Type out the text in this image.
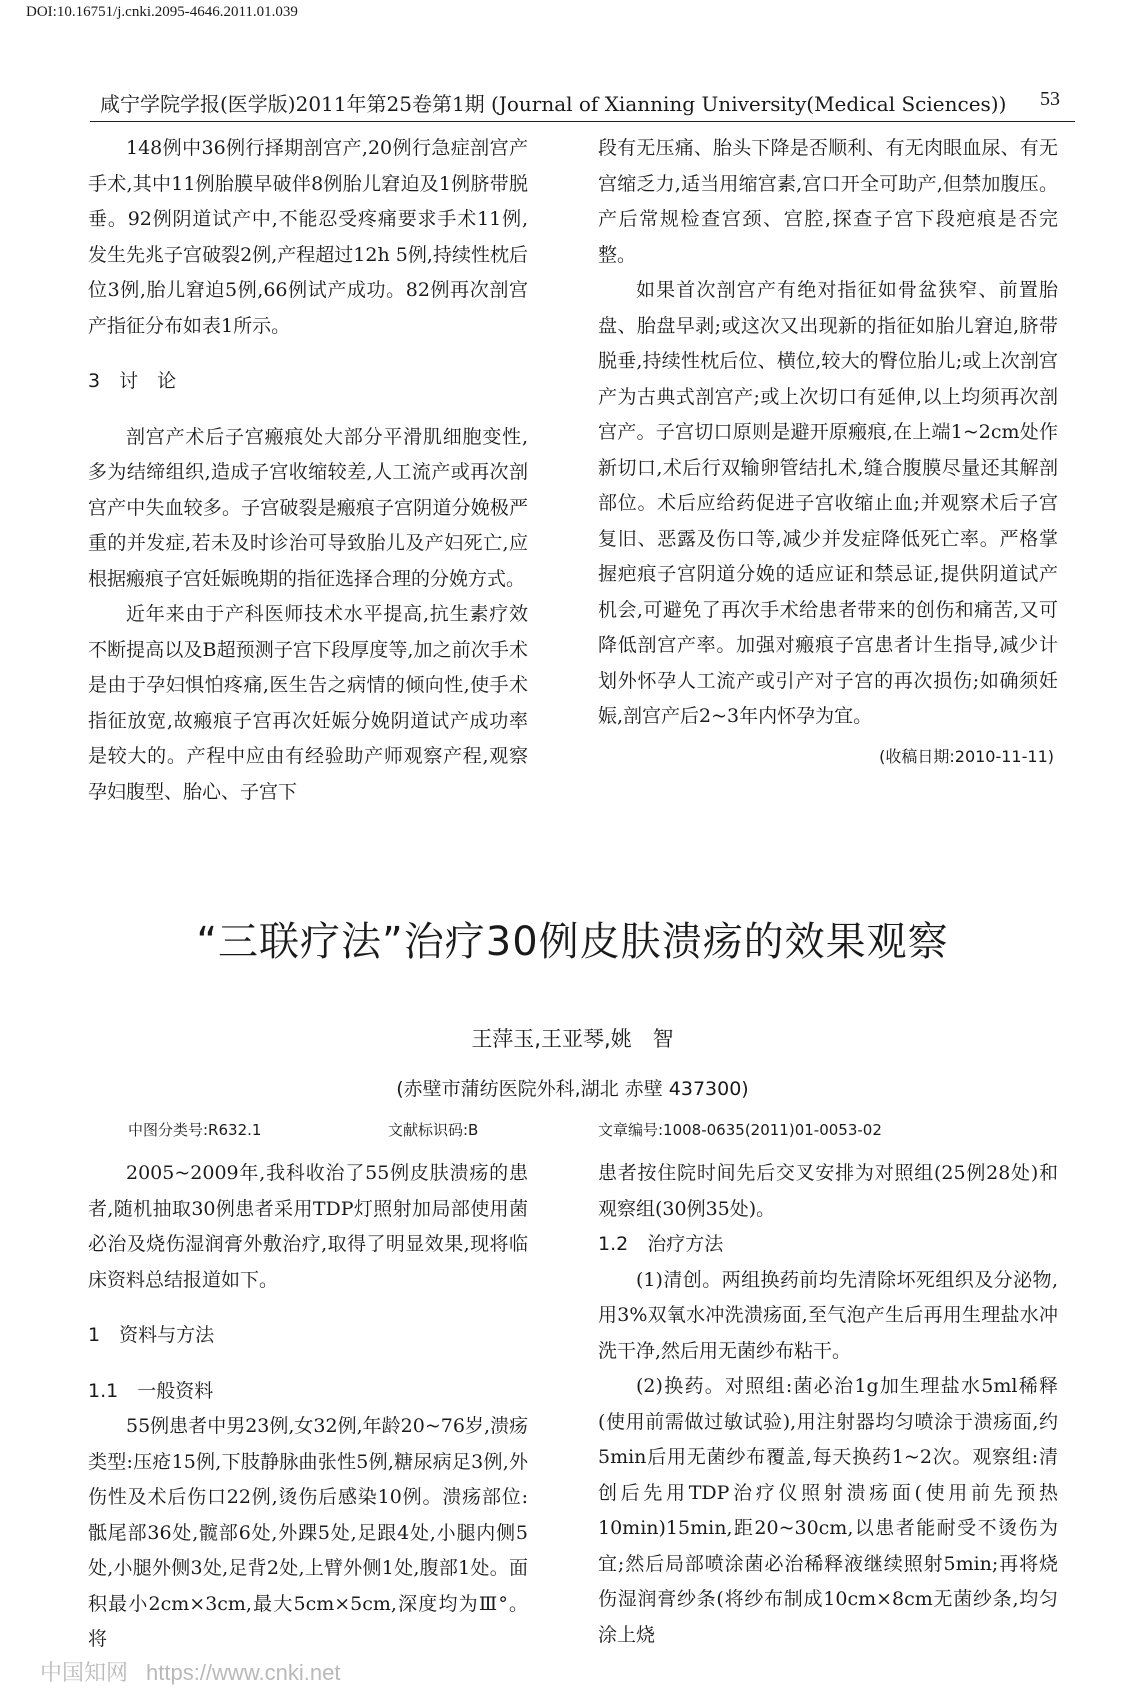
DOI:10.16751/j.cnki.2095-4646.2011.01.039
咸宁学院学报(医学版)2011年第25卷第1期 (Journal of Xianning University(Medical Sciences)) 53

148例中36例行择期剖宫产,20例行急症剖宫产手术,其中11例胎膜早破伴8例胎儿窘迫及1例脐带脱垂。92例阴道试产中,不能忍受疼痛要求手术11例,发生先兆子宫破裂2例,产程超过12h 5例,持续性枕后位3例,胎儿窘迫5例,66例试产成功。82例再次剖宫产指征分布如表1所示。

3　讨　论

剖宫产术后子宫瘢痕处大部分平滑肌细胞变性,多为结缔组织,造成子宫收缩较差,人工流产或再次剖宫产中失血较多。子宫破裂是瘢痕子宫阴道分娩极严重的并发症,若未及时诊治可导致胎儿及产妇死亡,应根据瘢痕子宫妊娠晚期的指征选择合理的分娩方式。

近年来由于产科医师技术水平提高,抗生素疗效不断提高以及B超预测子宫下段厚度等,加之前次手术是由于孕妇惧怕疼痛,医生告之病情的倾向性,使手术指征放宽,故瘢痕子宫再次妊娠分娩阴道试产成功率是较大的。产程中应由有经验助产师观察产程,观察孕妇腹型、胎心、子宫下

段有无压痛、胎头下降是否顺利、有无肉眼血尿、有无宫缩乏力,适当用缩宫素,宫口开全可助产,但禁加腹压。产后常规检查宫颈、宫腔,探查子宫下段疤痕是否完整。

如果首次剖宫产有绝对指征如骨盆狭窄、前置胎盘、胎盘早剥;或这次又出现新的指征如胎儿窘迫,脐带脱垂,持续性枕后位、横位,较大的臀位胎儿;或上次剖宫产为古典式剖宫产;或上次切口有延伸,以上均须再次剖宫产。子宫切口原则是避开原瘢痕,在上端1~2cm处作新切口,术后行双输卵管结扎术,缝合腹膜尽量还其解剖部位。术后应给药促进子宫收缩止血;并观察术后子宫复旧、恶露及伤口等,减少并发症降低死亡率。严格掌握疤痕子宫阴道分娩的适应证和禁忌证,提供阴道试产机会,可避免了再次手术给患者带来的创伤和痛苦,又可降低剖宫产率。加强对瘢痕子宫患者计生指导,减少计划外怀孕人工流产或引产对子宫的再次损伤;如确须妊娠,剖宫产后2~3年内怀孕为宜。

(收稿日期:2010-11-11)
“三联疗法”治疗30例皮肤溃疡的效果观察
王萍玉,王亚琴,姚　智
(赤壁市蒲纺医院外科,湖北 赤壁 437300)
中图分类号:R632.1	文献标识码:B	文章编号:1008-0635(2011)01-0053-02

2005~2009年,我科收治了55例皮肤溃疡的患者,随机抽取30例患者采用TDP灯照射加局部使用菌必治及烧伤湿润膏外敷治疗,取得了明显效果,现将临床资料总结报道如下。

1　资料与方法
1.1　一般资料

55例患者中男23例,女32例,年龄20~76岁,溃疡类型:压疮15例,下肢静脉曲张性5例,糖尿病足3例,外伤性及术后伤口22例,烫伤后感染10例。溃疡部位:骶尾部36处,髋部6处,外踝5处,足跟4处,小腿内侧5处,小腿外侧3处,足背2处,上臂外侧1处,腹部1处。面积最小2cm×3cm,最大5cm×5cm,深度均为Ⅲ°。将

患者按住院时间先后交叉安排为对照组(25例28处)和观察组(30例35处)。

1.2　治疗方法

(1)清创。两组换药前均先清除坏死组织及分泌物,用3%双氧水冲洗溃疡面,至气泡产生后再用生理盐水冲洗干净,然后用无菌纱布粘干。

(2)换药。对照组:菌必治1g加生理盐水5ml稀释(使用前需做过敏试验),用注射器均匀喷涂于溃疡面,约5min后用无菌纱布覆盖,每天换药1~2次。观察组:清创后先用TDP治疗仪照射溃疡面(使用前先预热10min)15min,距20~30cm,以患者能耐受不烫伤为宜;然后局部喷涂菌必治稀释液继续照射5min;再将烧伤湿润膏纱条(将纱布制成10cm×8cm无菌纱条,均匀涂上烧

中国知网 https://www.cnki.net
